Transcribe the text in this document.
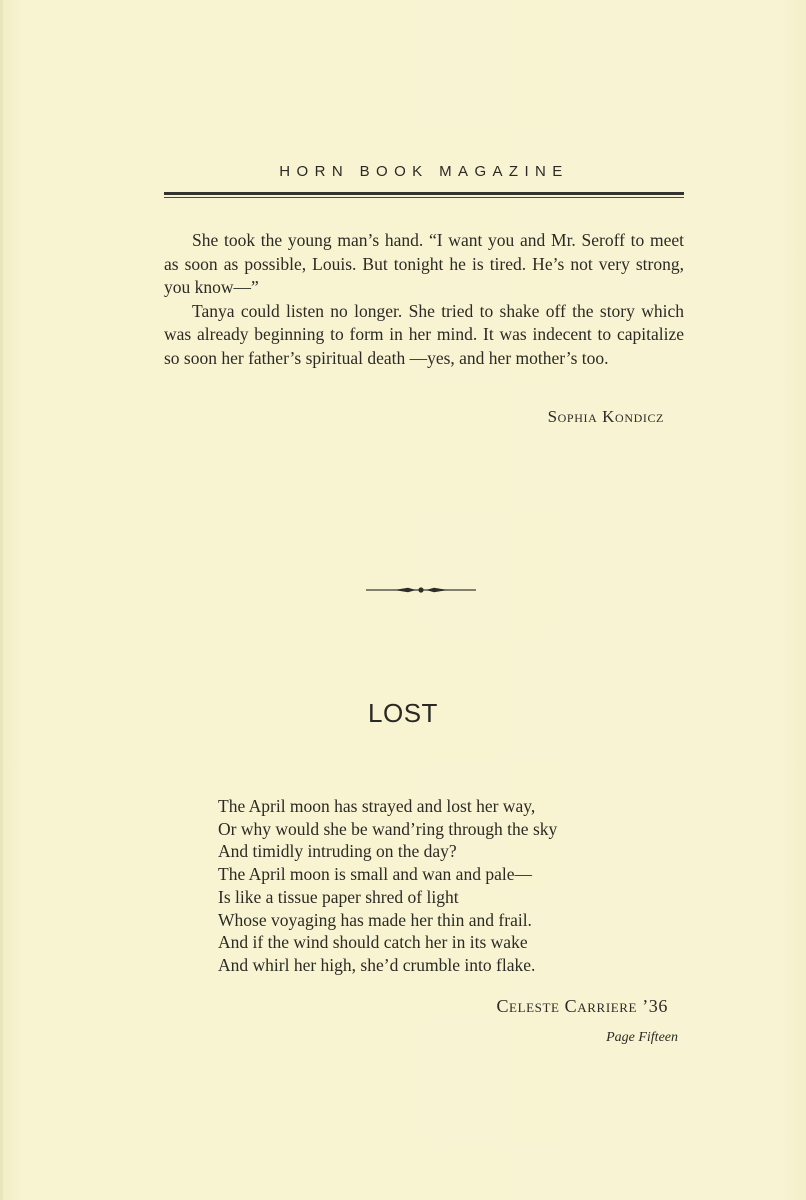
HORN BOOK MAGAZINE

She took the young man’s hand. “I want you and Mr. Seroff to meet as soon as possible, Louis. But tonight he is tired. He’s not very strong, you know—”

Tanya could listen no longer. She tried to shake off the story which was already beginning to form in her mind. It was indecent to capitalize so soon her father’s spiritual death —yes, and her mother’s too.

Sophia Kondicz
LOST
The April moon has strayed and lost her way,
Or why would she be wand’ring through the sky
And timidly intruding on the day?
The April moon is small and wan and pale—
Is like a tissue paper shred of light
Whose voyaging has made her thin and frail.
And if the wind should catch her in its wake
And whirl her high, she’d crumble into flake.
Celeste Carriere ’36
Page Fifteen
